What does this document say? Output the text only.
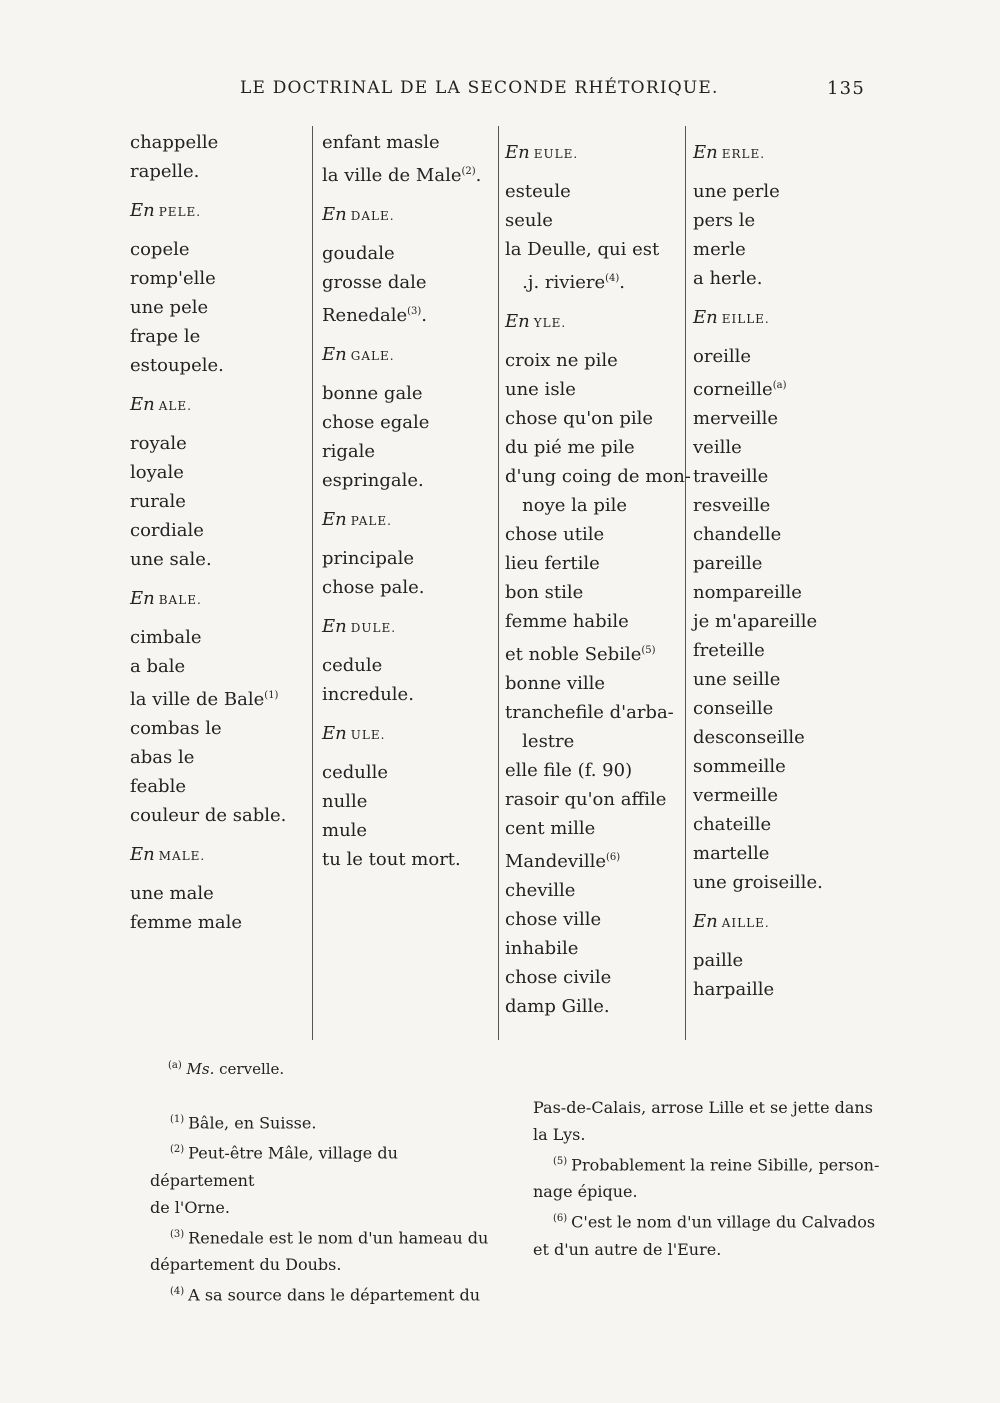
LE DOCTRINAL DE LA SECONDE RHÉTORIQUE.	135
chappelle
rapelle.
En PELE.
copele
romp'elle
une pele
frape le
estoupele.
En ALE.
royale
loyale
rurale
cordiale
une sale.
En BALE.
cimbale
a bale
la ville de Bale$^{(1)}$
combas le
abas le
feable
couleur de sable.
En MALE.
une male
femme male
enfant masle
la ville de Male$^{(2)}$.
En DALE.
goudale
grosse dale
Renedale$^{(3)}$.
En GALE.
bonne gale
chose egale
rigale
espringale.
En PALE.
principale
chose pale.
En DULE.
cedule
incredule.
En ULE.
cedulle
nulle
mule
tu le tout mort.
En EULE.
esteule
seule
la Deulle, qui est
.j. riviere$^{(4)}$.
En YLE.
croix ne pile
une isle
chose qu'on pile
du pié me pile
d'ung coing de mon-
noye la pile
chose utile
lieu fertile
bon stile
femme habile
et noble Sebile$^{(5)}$
bonne ville
tranchefile d'arba-
lestre
elle file (f. 90)
rasoir qu'on affile
cent mille
Mandeville$^{(6)}$
cheville
chose ville
inhabile
chose civile
damp Gille.
En ERLE.
une perle
pers le
merle
a herle.
En EILLE.
oreille
corneille$^{(a)}$
merveille
veille
traveille
resveille
chandelle
pareille
nompareille
je m'apareille
freteille
une seille
conseille
desconseille
sommeille
vermeille
chateille
martelle
une groiseille.
En AILLE.
paille
harpaille
$^{(a)}$ Ms. cervelle.
$^{(1)}$ Bâle, en Suisse.
$^{(2)}$ Peut-être Mâle, village du département
de l'Orne.
$^{(3)}$ Renedale est le nom d'un hameau du
département du Doubs.
$^{(4)}$ A sa source dans le département du
Pas-de-Calais, arrose Lille et se jette dans
la Lys.
$^{(5)}$ Probablement la reine Sibille, person-
nage épique.
$^{(6)}$ C'est le nom d'un village du Calvados
et d'un autre de l'Eure.
